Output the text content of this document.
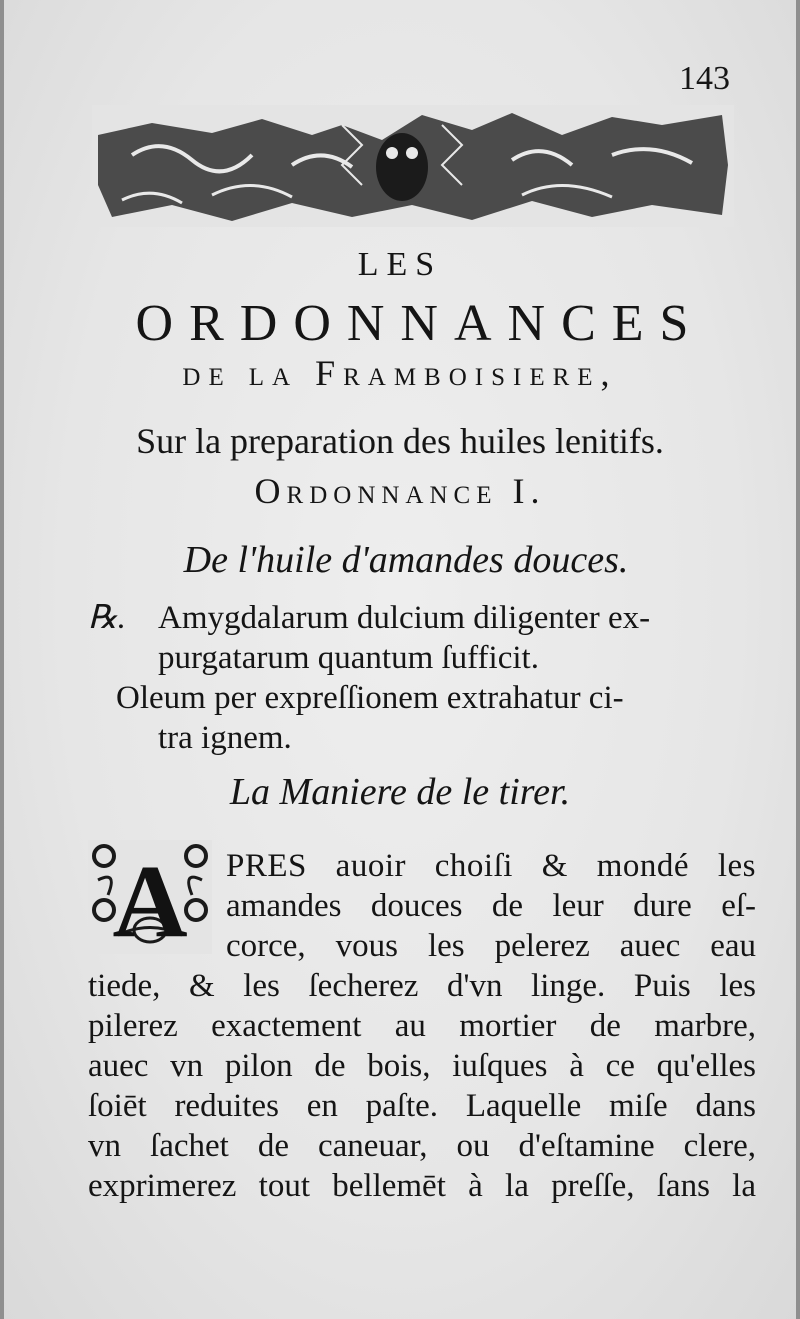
143
LES
ORDONNANCES
de la Framboisiere,
Sur la preparation des huiles lenitifs.
Ordonnance I.
De l'huile d'amandes douces.
℞. Amygdalarum dulcium diligenter ex-
purgatarum quantum ſufficit.
Oleum per expreſſionem extrahatur ci-
tra ignem.
La Maniere de le tirer.
A	PRES auoir choiſi & mondé les
amandes douces de leur dure eſ-
corce, vous les pelerez auec eau
tiede, & les ſecherez d'vn linge. Puis les
pilerez exactement au mortier de marbre,
auec vn pilon de bois, iuſques à ce qu'elles
ſoiēt reduites en paſte. Laquelle miſe dans
vn ſachet de caneuar, ou d'eſtamine clere,
exprimerez tout bellemēt à la preſſe, ſans la
